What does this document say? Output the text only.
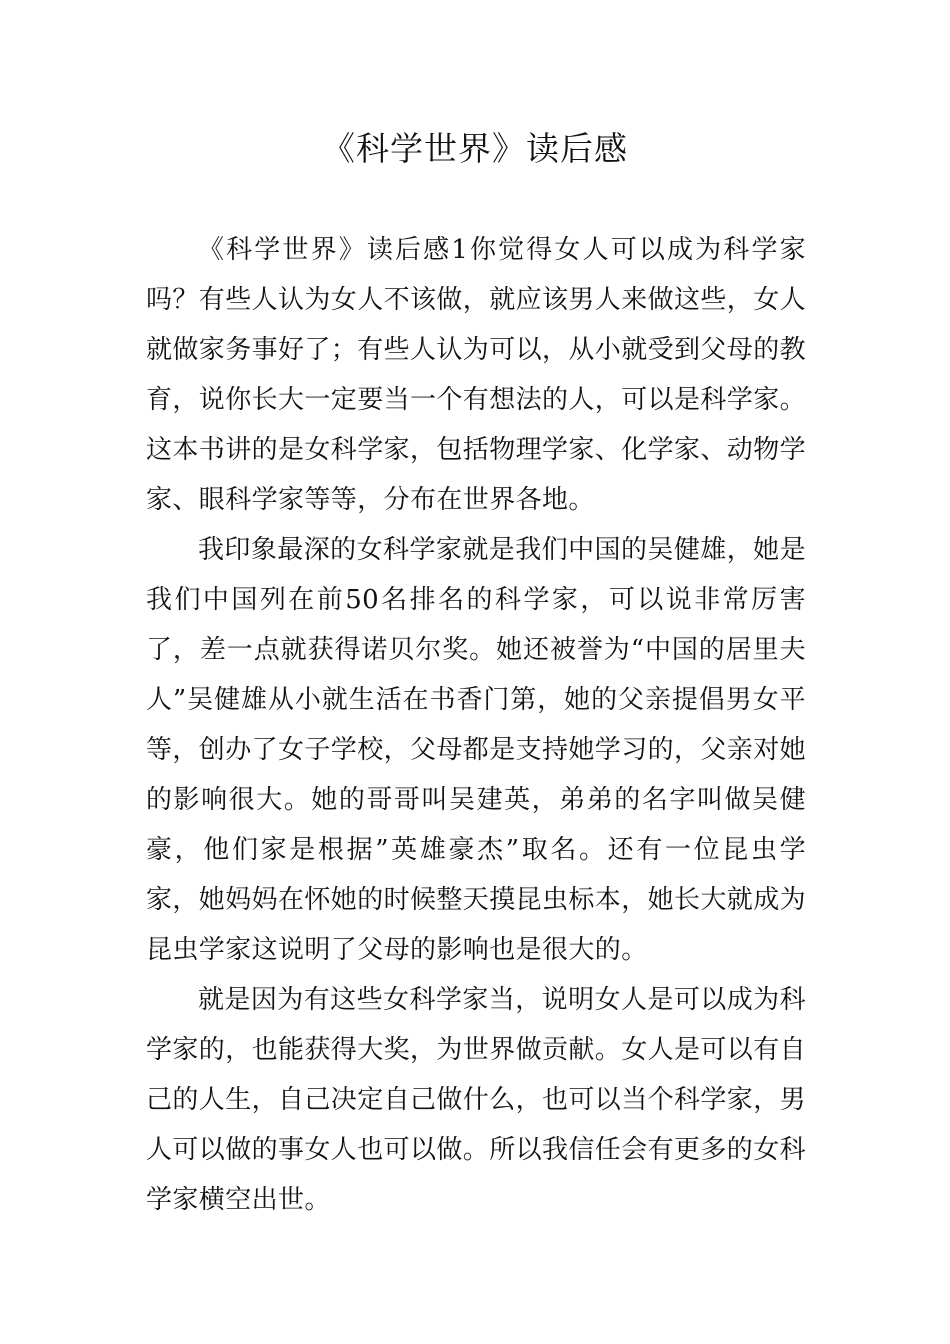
《科学世界》读后感

《科学世界》读后感1你觉得女人可以成为科学家吗？有些人认为女人不该做，就应该男人来做这些，女人就做家务事好了；有些人认为可以，从小就受到父母的教育，说你长大一定要当一个有想法的人，可以是科学家。这本书讲的是女科学家，包括物理学家、化学家、动物学家、眼科学家等等，分布在世界各地。

我印象最深的女科学家就是我们中国的吴健雄，她是我们中国列在前50名排名的科学家，可以说非常厉害了，差一点就获得诺贝尔奖。她还被誉为“中国的居里夫人”吴健雄从小就生活在书香门第，她的父亲提倡男女平等，创办了女子学校，父母都是支持她学习的，父亲对她的影响很大。她的哥哥叫吴建英，弟弟的名字叫做吴健豪，他们家是根据”英雄豪杰”取名。还有一位昆虫学家，她妈妈在怀她的时候整天摸昆虫标本，她长大就成为昆虫学家这说明了父母的影响也是很大的。

就是因为有这些女科学家当，说明女人是可以成为科学家的，也能获得大奖，为世界做贡献。女人是可以有自己的人生，自己决定自己做什么，也可以当个科学家，男人可以做的事女人也可以做。所以我信任会有更多的女科学家横空出世。
